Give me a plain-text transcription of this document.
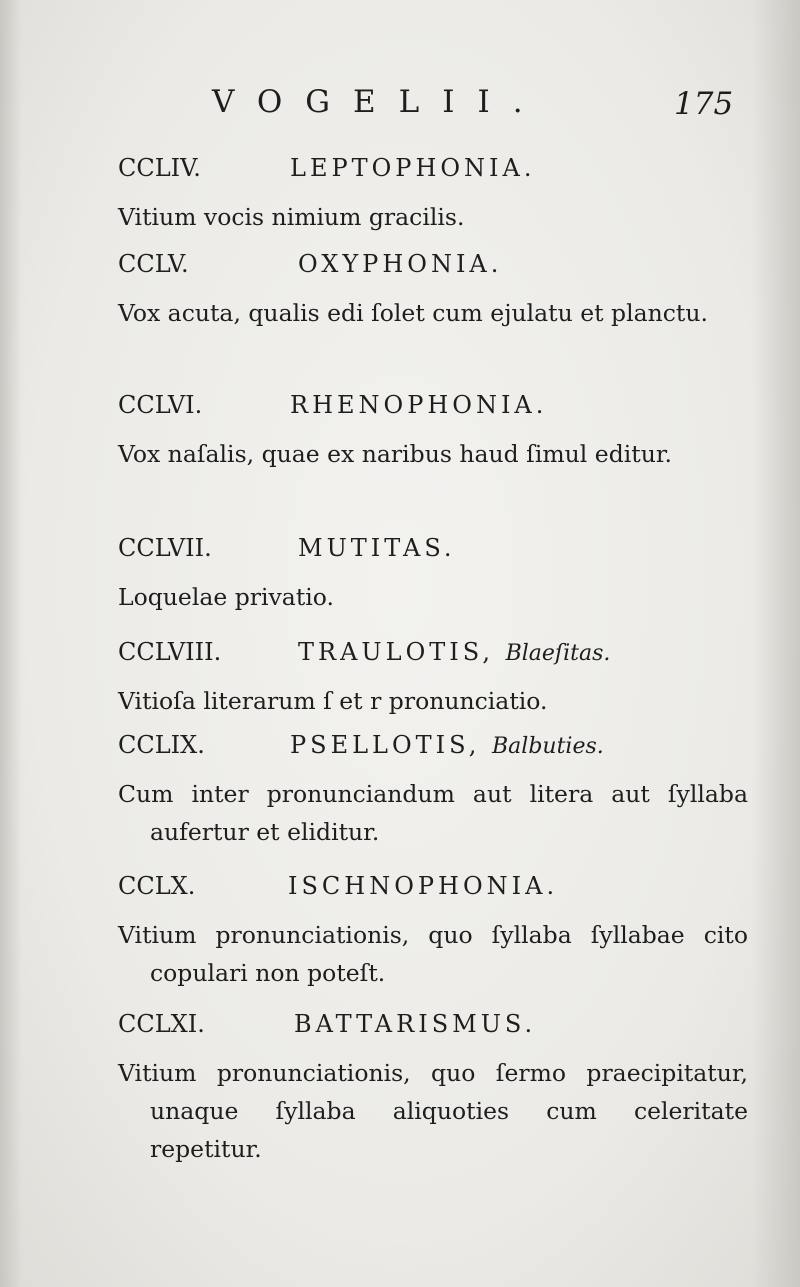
VOGELII.	175
CCLIV.	LEPTOPHONIA.
Vitium vocis nimium gracilis.
CCLV.	OXYPHONIA.
Vox acuta, qualis edi ſolet cum ejulatu et planctu.
CCLVI.	RHENOPHONIA.
Vox naſalis, quae ex naribus haud ſimul editur.
CCLVII.	MUTITAS.
Loquelae privatio.
CCLVIII.	TRAULOTIS, Blaeſitas.
Vitioſa literarum ſ et r pronunciatio.
CCLIX.	PSELLOTIS, Balbuties.
Cum inter pronunciandum aut litera aut ſyllaba aufertur et eliditur.
CCLX.	ISCHNOPHONIA.
Vitium pronunciationis, quo ſyllaba ſyllabae cito copulari non poteſt.
CCLXI.	BATTARISMUS.
Vitium pronunciationis, quo ſermo praecipitatur, unaque ſyllaba aliquoties cum celeritate repetitur.
